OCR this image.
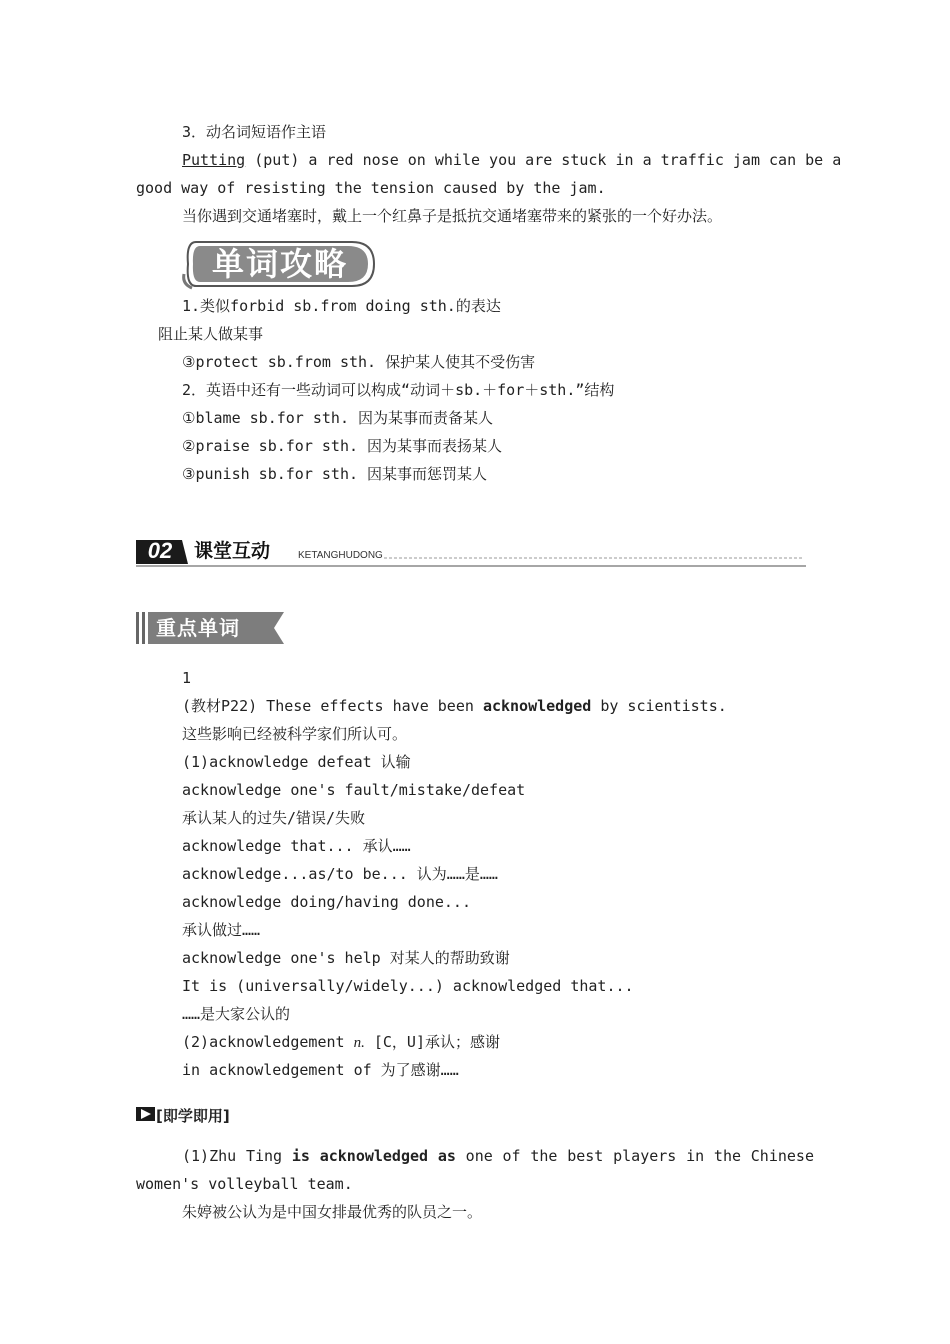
3．动名词短语作主语
Putting (put) a red nose on while you are stuck in a traffic jam can be a
good way of resisting the tension caused by the jam.
当你遇到交通堵塞时，戴上一个红鼻子是抵抗交通堵塞带来的紧张的一个好办法。
单词攻略
1.类似forbid sb.from doing sth.的表达
阻止某人做某事
③protect sb.from sth. 保护某人使其不受伤害
2．英语中还有一些动词可以构成“动词＋sb.＋for＋sth.”结构
①blame sb.for sth. 因为某事而责备某人
②praise sb.for sth. 因为某事而表扬某人
③punish sb.for sth. 因某事而惩罚某人
02	课堂互动	KETANGHUDONG
重点单词
1
(教材P22) These effects have been acknowledged by scientists.
这些影响已经被科学家们所认可。
(1)acknowledge defeat 认输
acknowledge one's fault/mistake/defeat
承认某人的过失/错误/失败
acknowledge that... 承认……
acknowledge...as/to be... 认为……是……
acknowledge doing/having done...
承认做过……
acknowledge one's help 对某人的帮助致谢
It is (universally/widely...) acknowledged that...
……是大家公认的
(2)acknowledgement n. [C，U]承认；感谢
in acknowledgement of 为了感谢……
[即学即用]
(1)Zhu Ting is acknowledged as one of the best players in the Chinese
women's volleyball team.
朱婷被公认为是中国女排最优秀的队员之一。
